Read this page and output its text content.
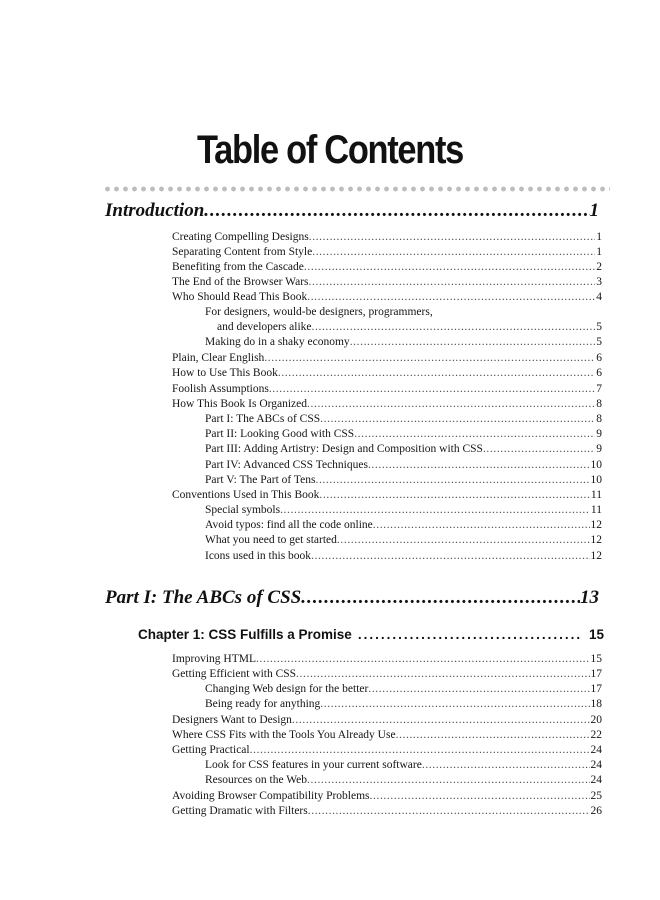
Table of Contents
Introduction .....	1
Creating Compelling Designs .....	1
Separating Content from Style .....	1
Benefiting from the Cascade .....	2
The End of the Browser Wars .....	3
Who Should Read This Book .....	4
For designers, would-be designers, programmers,
and developers alike .....	5
Making do in a shaky economy .....	5
Plain, Clear English .....	6
How to Use This Book .....	6
Foolish Assumptions .....	7
How This Book Is Organized .....	8
Part I: The ABCs of CSS .....	8
Part II: Looking Good with CSS .....	9
Part III: Adding Artistry: Design and Composition with CSS .....	9
Part IV: Advanced CSS Techniques .....	10
Part V: The Part of Tens .....	10
Conventions Used in This Book .....	11
Special symbols .....	11
Avoid typos: find all the code online .....	12
What you need to get started .....	12
Icons used in this book .....	12
Part I: The ABCs of CSS .....	13
Chapter 1: CSS Fulfills a Promise .....	15
Improving HTML .....	15
Getting Efficient with CSS .....	17
Changing Web design for the better .....	17
Being ready for anything .....	18
Designers Want to Design .....	20
Where CSS Fits with the Tools You Already Use .....	22
Getting Practical .....	24
Look for CSS features in your current software .....	24
Resources on the Web .....	24
Avoiding Browser Compatibility Problems .....	25
Getting Dramatic with Filters .....	26
